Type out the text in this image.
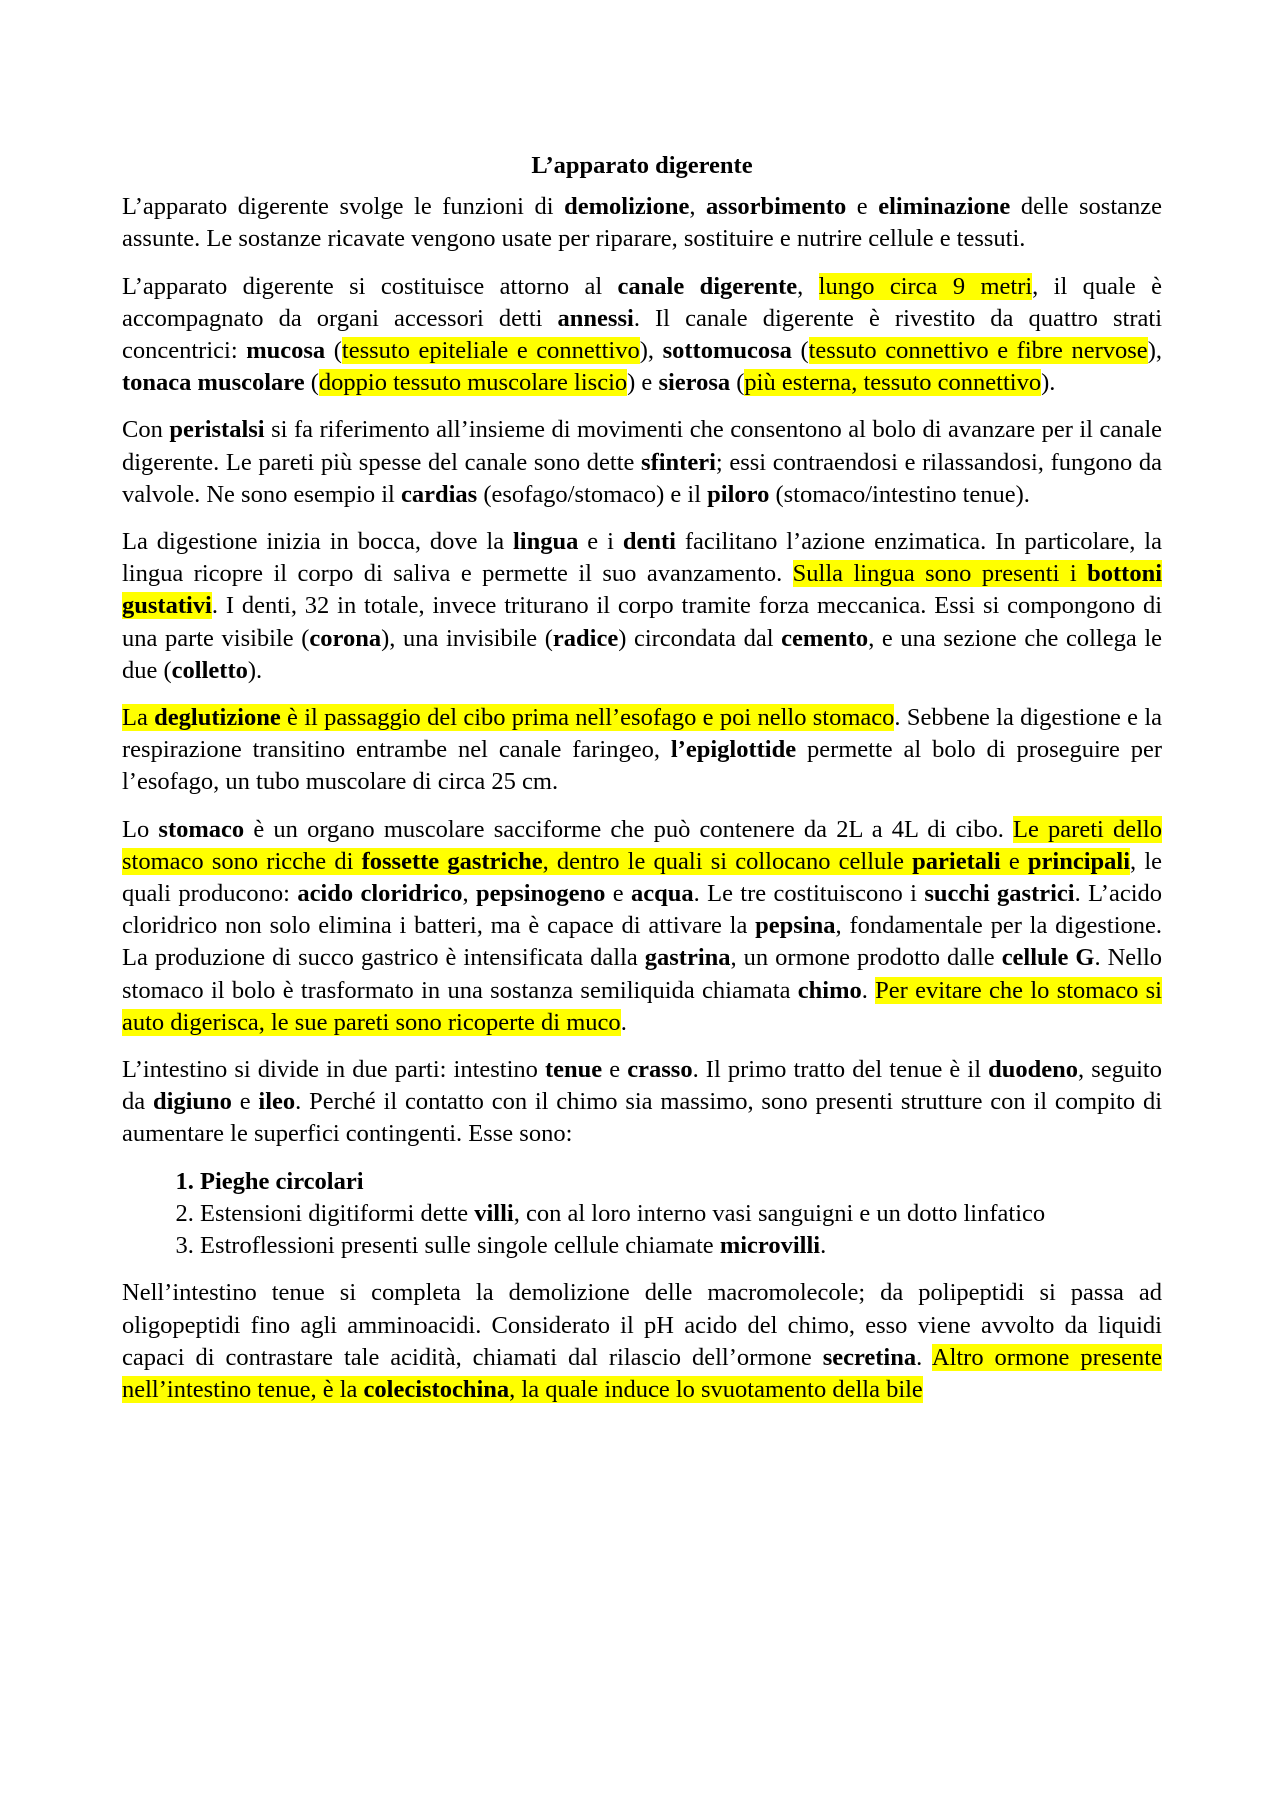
L’apparato digerente

L’apparato digerente svolge le funzioni di demolizione, assorbimento e eliminazione delle sostanze assunte. Le sostanze ricavate vengono usate per riparare, sostituire e nutrire cellule e tessuti.

L’apparato digerente si costituisce attorno al canale digerente, lungo circa 9 metri, il quale è accompagnato da organi accessori detti annessi. Il canale digerente è rivestito da quattro strati concentrici: mucosa (tessuto epiteliale e connettivo), sottomucosa (tessuto connettivo e fibre nervose), tonaca muscolare (doppio tessuto muscolare liscio) e sierosa (più esterna, tessuto connettivo).

Con peristalsi si fa riferimento all’insieme di movimenti che consentono al bolo di avanzare per il canale digerente. Le pareti più spesse del canale sono dette sfinteri; essi contraendosi e rilassandosi, fungono da valvole. Ne sono esempio il cardias (esofago/stomaco) e il piloro (stomaco/intestino tenue).

La digestione inizia in bocca, dove la lingua e i denti facilitano l’azione enzimatica. In particolare, la lingua ricopre il corpo di saliva e permette il suo avanzamento. Sulla lingua sono presenti i bottoni gustativi. I denti, 32 in totale, invece triturano il corpo tramite forza meccanica. Essi si compongono di una parte visibile (corona), una invisibile (radice) circondata dal cemento, e una sezione che collega le due (colletto).

La deglutizione è il passaggio del cibo prima nell’esofago e poi nello stomaco. Sebbene la digestione e la respirazione transitino entrambe nel canale faringeo, l’epiglottide permette al bolo di proseguire per l’esofago, un tubo muscolare di circa 25 cm.

Lo stomaco è un organo muscolare sacciforme che può contenere da 2L a 4L di cibo. Le pareti dello stomaco sono ricche di fossette gastriche, dentro le quali si collocano cellule parietali e principali, le quali producono: acido cloridrico, pepsinogeno e acqua. Le tre costituiscono i succhi gastrici. L’acido cloridrico non solo elimina i batteri, ma è capace di attivare la pepsina, fondamentale per la digestione. La produzione di succo gastrico è intensificata dalla gastrina, un ormone prodotto dalle cellule G. Nello stomaco il bolo è trasformato in una sostanza semiliquida chiamata chimo. Per evitare che lo stomaco si auto digerisca, le sue pareti sono ricoperte di muco.

L’intestino si divide in due parti: intestino tenue e crasso. Il primo tratto del tenue è il duodeno, seguito da digiuno e ileo. Perché il contatto con il chimo sia massimo, sono presenti strutture con il compito di aumentare le superfici contingenti. Esse sono:

1. Pieghe circolari
2. Estensioni digitiformi dette villi, con al loro interno vasi sanguigni e un dotto linfatico
3. Estroflessioni presenti sulle singole cellule chiamate microvilli.

Nell’intestino tenue si completa la demolizione delle macromolecole; da polipeptidi si passa ad oligopeptidi fino agli amminoacidi. Considerato il pH acido del chimo, esso viene avvolto da liquidi capaci di contrastare tale acidità, chiamati dal rilascio dell’ormone secretina. Altro ormone presente nell’intestino tenue, è la colecistochina, la quale induce lo svuotamento della bile
